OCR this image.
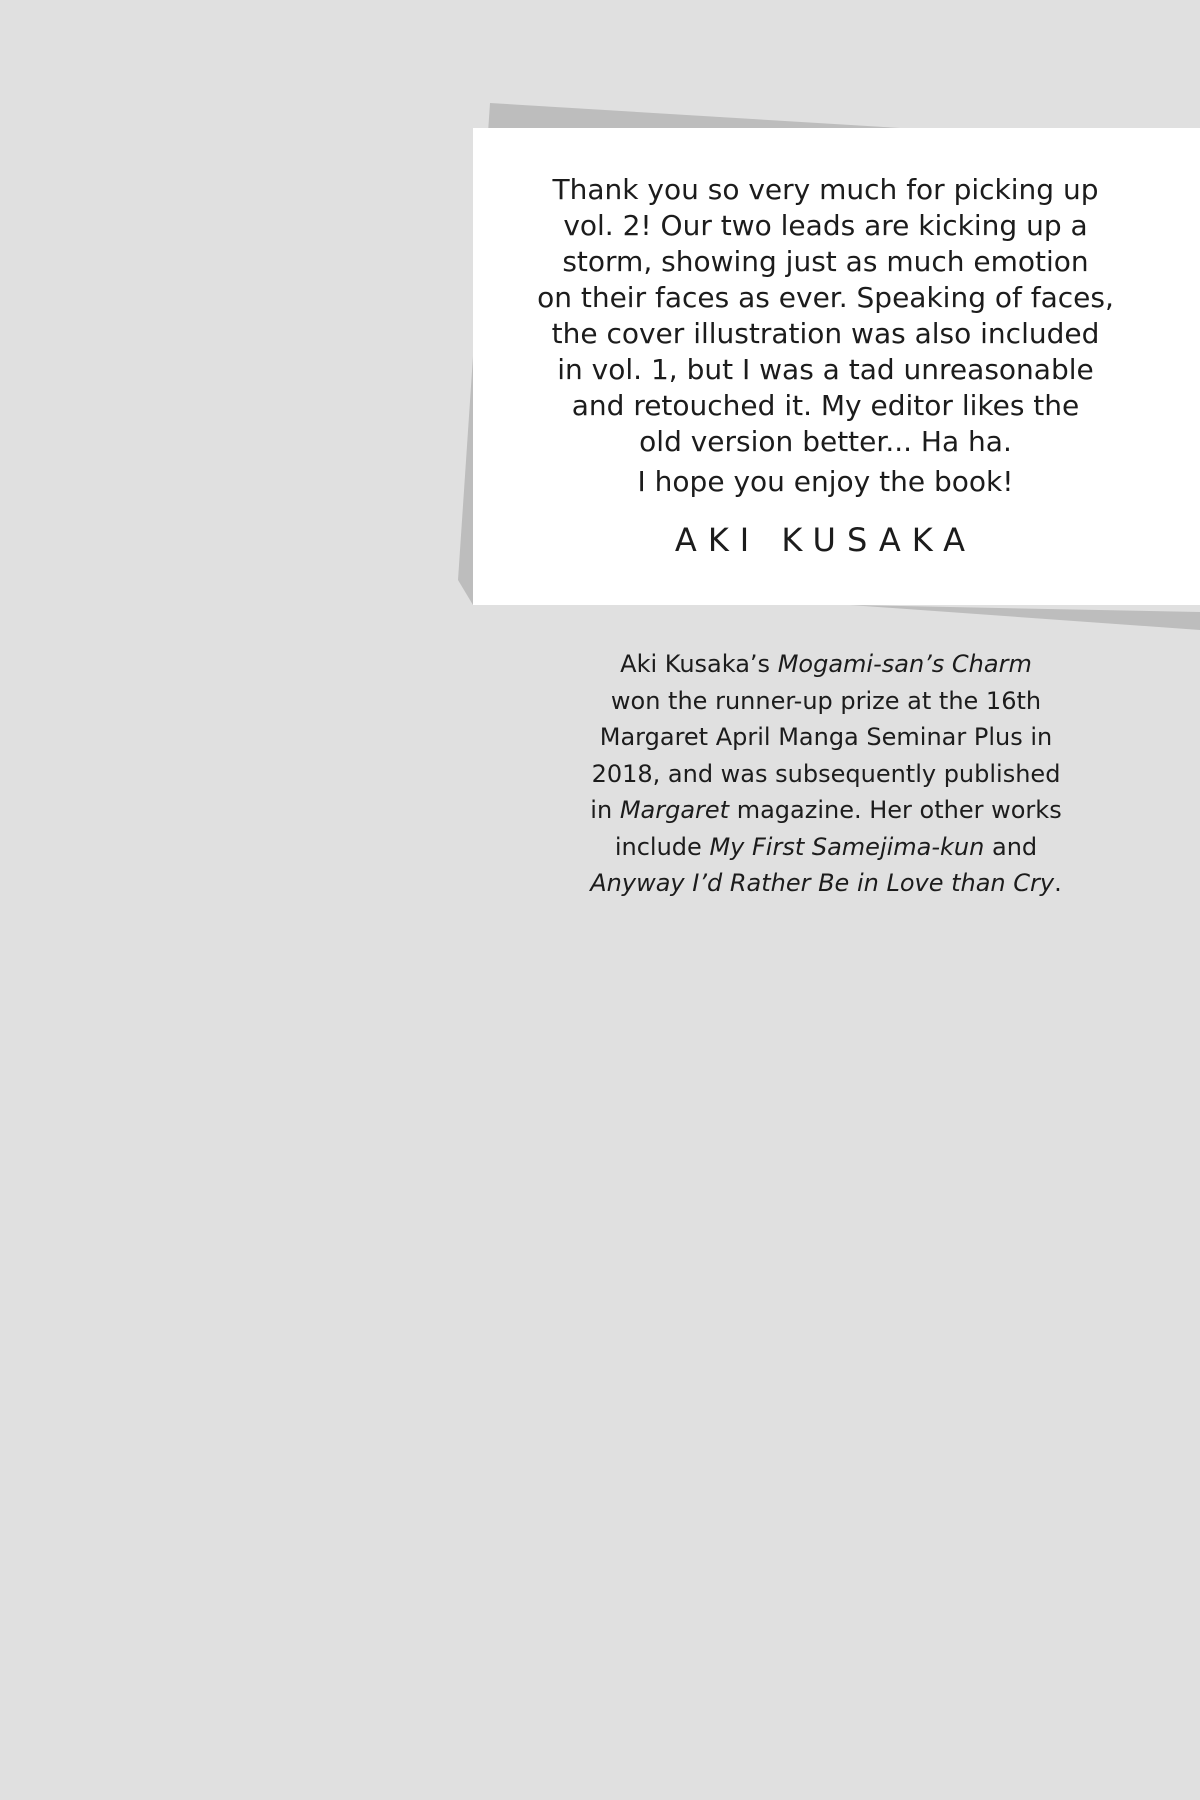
Thank you so very much for picking up
vol. 2! Our two leads are kicking up a
storm, showing just as much emotion
on their faces as ever. Speaking of faces,
the cover illustration was also included
in vol. 1, but I was a tad unreasonable
and retouched it. My editor likes the
old version better... Ha ha.
I hope you enjoy the book!
AKI KUSAKA
Aki Kusaka’s Mogami-san’s Charm
won the runner-up prize at the 16th
Margaret April Manga Seminar Plus in
2018, and was subsequently published
in Margaret magazine. Her other works
include My First Samejima-kun and
Anyway I’d Rather Be in Love than Cry.
